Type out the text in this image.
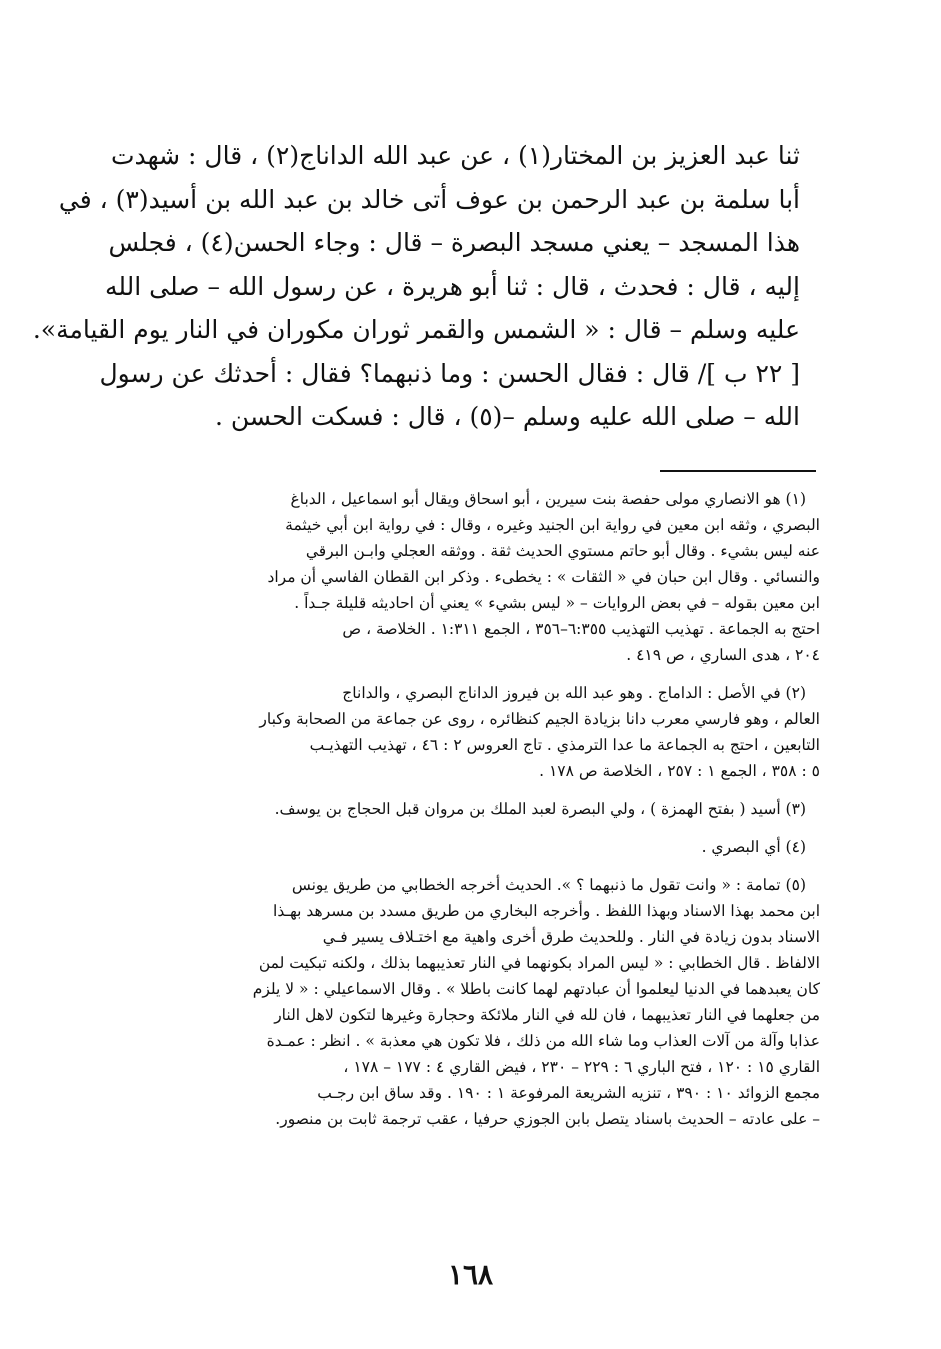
ثنا عبد العزيز بن المختار(١) ، عن عبد الله الداناج(٢) ، قال : شهدت
أبا سلمة بن عبد الرحمن بن عوف أتى خالد بن عبد الله بن أسيد(٣) ، في
هذا المسجد – يعني مسجد البصرة – قال : وجاء الحسن(٤) ، فجلس
إليه ، قال : فحدث ، قال : ثنا أبو هريرة ، عن رسول الله – صلى الله
عليه وسلم – قال : « الشمس والقمر ثوران مكوران في النار يوم القيامة».
[ ٢٢ ب ]/ قال : فقال الحسن : وما ذنبهما؟ فقال : أحدثك عن رسول
الله – صلى الله عليه وسلم –(٥) ، قال : فسكت الحسن .
(١) هو الانصاري مولى حفصة بنت سيرين ، أبو اسحاق ويقال أبو اسماعيل ، الدباغ
البصري ، وثقه ابن معين في رواية ابن الجنيد وغيره ، وقال : في رواية ابن أبي خيثمة
عنه ليس بشيء . وقال أبو حاتم مستوي الحديث ثقة . ووثقه العجلي وابـن البرقي
والنسائي . وقال ابن حبان في « الثقات » : يخطىء . وذكر ابن القطان الفاسي أن مراد
ابن معين بقوله – في بعض الروايات – « ليس بشيء » يعني أن احاديثه قليلة جـداً .
احتج به الجماعة . تهذيب التهذيب ٦:٣٥٥–٣٥٦ ، الجمع ١:٣١١ . الخلاصة ، ص
٢٠٤ ، هدى الساري ، ص ٤١٩ .
(٢) في الأصل : الداماج . وهو عبد الله بن فيروز الداناج البصري ، والداناج
العالم ، وهو فارسي معرب دانا بزيادة الجيم كنظائره ، روى عن جماعة من الصحابة وكبار
التابعين ، احتج به الجماعة ما عدا الترمذي . تاج العروس ٢ : ٤٦ ، تهذيب التهذيـب
٥ : ٣٥٨ ، الجمع ١ : ٢٥٧ ، الخلاصة ص ١٧٨ .
(٣) أسيد ( بفتح الهمزة ) ، ولي البصرة لعبد الملك بن مروان قبل الحجاج بن يوسف.
(٤) أي البصري .
(٥) تمامة : « وانت تقول ما ذنبهما ؟ ». الحديث أخرجه الخطابي من طريق يونس
ابن محمد بهذا الاسناد وبهذا اللفظ . وأخرجه البخاري من طريق مسدد بن مسرهد بهـذا
الاسناد بدون زيادة في النار . وللحديث طرق أخرى واهية مع اختـلاف يسير فـي
الالفاظ . قال الخطابي : « ليس المراد بكونهما في النار تعذيبهما بذلك ، ولكنه تبكيت لمن
كان يعبدهما في الدنيا ليعلموا أن عبادتهم لهما كانت باطلا » . وقال الاسماعيلي : « لا يلزم
من جعلهما في النار تعذيبهما ، فان لله في النار ملائكة وحجارة وغيرها لتكون لاهل النار
عذابا وآلة من آلات العذاب وما شاء الله من ذلك ، فلا تكون هي معذبة » . انظر : عمـدة
القاري ١٥ : ١٢٠ ، فتح الباري ٦ : ٢٢٩ – ٢٣٠ ، فيض القاري ٤ : ١٧٧ – ١٧٨ ،
مجمع الزوائد ١٠ : ٣٩٠ ، تنزيه الشريعة المرفوعة ١ : ١٩٠ . وقد ساق ابن رجـب
– على عادته – الحديث باسناد يتصل بابن الجوزي حرفيا ، عقب ترجمة ثابت بن منصور.
١٦٨
